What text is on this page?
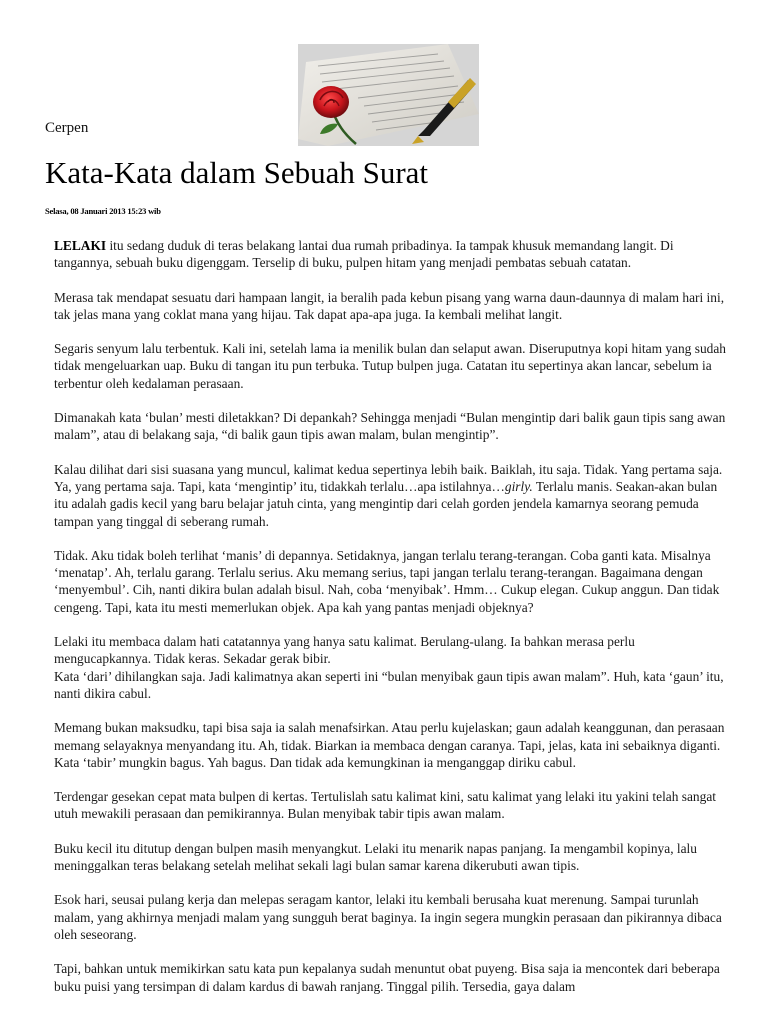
Cerpen
Kata-Kata dalam Sebuah Surat
Selasa, 08 Januari 2013 15:23 wib

LELAKI itu sedang duduk di teras belakang lantai dua rumah pribadinya. Ia tampak khusuk memandang langit. Di tangannya, sebuah buku digenggam. Terselip di buku, pulpen hitam yang menjadi pembatas sebuah catatan.

Merasa tak mendapat sesuatu dari hampaan langit, ia beralih pada kebun pisang yang warna daun-daunnya di malam hari ini, tak jelas mana yang coklat mana yang hijau. Tak dapat apa-apa juga. Ia kembali melihat langit.

Segaris senyum lalu terbentuk. Kali ini, setelah lama ia menilik bulan dan selaput awan. Diseruputnya kopi hitam yang sudah tidak mengeluarkan uap. Buku di tangan itu pun terbuka. Tutup bulpen juga. Catatan itu sepertinya akan lancar, sebelum ia terbentur oleh kedalaman perasaan.

Dimanakah kata ‘bulan’ mesti diletakkan? Di depankah? Sehingga menjadi “Bulan mengintip dari balik gaun tipis sang awan malam”, atau di belakang saja, “di balik gaun tipis awan malam, bulan mengintip”.

Kalau dilihat dari sisi suasana yang muncul, kalimat kedua sepertinya lebih baik. Baiklah, itu saja. Tidak. Yang pertama saja. Ya, yang pertama saja. Tapi, kata ‘mengintip’ itu, tidakkah terlalu…apa istilahnya…girly. Terlalu manis. Seakan-akan bulan itu adalah gadis kecil yang baru belajar jatuh cinta, yang mengintip dari celah gorden jendela kamarnya seorang pemuda tampan yang tinggal di seberang rumah.

Tidak. Aku tidak boleh terlihat ‘manis’ di depannya. Setidaknya, jangan terlalu terang-terangan. Coba ganti kata. Misalnya ‘menatap’. Ah, terlalu garang. Terlalu serius. Aku memang serius, tapi jangan terlalu terang-terangan. Bagaimana dengan ‘menyembul’. Cih, nanti dikira bulan adalah bisul. Nah, coba ‘menyibak’. Hmm… Cukup elegan. Cukup anggun. Dan tidak cengeng. Tapi, kata itu mesti memerlukan objek. Apa kah yang pantas menjadi objeknya?

Lelaki itu membaca dalam hati catatannya yang hanya satu kalimat. Berulang-ulang. Ia bahkan merasa perlu mengucapkannya. Tidak keras. Sekadar gerak bibir.

Kata ‘dari’ dihilangkan saja. Jadi kalimatnya akan seperti ini “bulan menyibak gaun tipis awan malam”. Huh, kata ‘gaun’ itu, nanti dikira cabul.

Memang bukan maksudku, tapi bisa saja ia salah menafsirkan. Atau perlu kujelaskan; gaun adalah keanggunan, dan perasaan memang selayaknya menyandang itu. Ah, tidak. Biarkan ia membaca dengan caranya. Tapi, jelas, kata ini sebaiknya diganti. Kata ‘tabir’ mungkin bagus. Yah bagus. Dan tidak ada kemungkinan ia menganggap diriku cabul.

Terdengar gesekan cepat mata bulpen di kertas. Tertulislah satu kalimat kini, satu kalimat yang lelaki itu yakini telah sangat utuh mewakili perasaan dan pemikirannya. Bulan menyibak tabir tipis awan malam.

Buku kecil itu ditutup dengan bulpen masih menyangkut. Lelaki itu menarik napas panjang. Ia mengambil kopinya, lalu meninggalkan teras belakang setelah melihat sekali lagi bulan samar karena dikerubuti awan tipis.

Esok hari, seusai pulang kerja dan melepas seragam kantor, lelaki itu kembali berusaha kuat merenung. Sampai turunlah malam, yang akhirnya menjadi malam yang sungguh berat baginya. Ia ingin segera mungkin perasaan dan pikirannya dibaca oleh seseorang.

Tapi, bahkan untuk memikirkan satu kata pun kepalanya sudah menuntut obat puyeng. Bisa saja ia mencontek dari beberapa buku puisi yang tersimpan di dalam kardus di bawah ranjang. Tinggal pilih. Tersedia, gaya dalam
